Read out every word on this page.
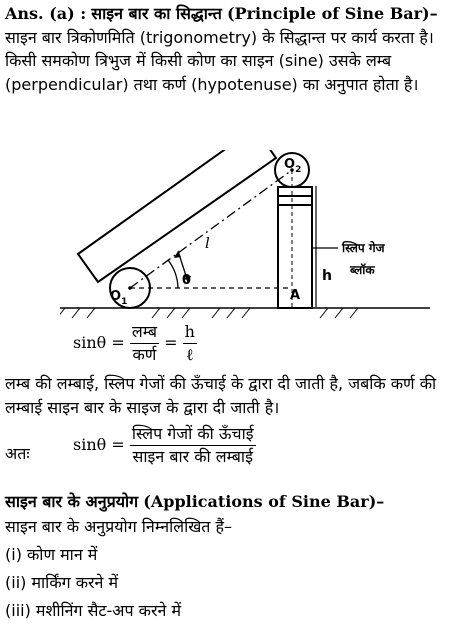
Ans. (a) : साइन बार का सिद्धान्त (Principle of Sine Bar)– साइन बार त्रिकोणमिति (trigonometry) के सिद्धान्त पर कार्य करता है। किसी समकोण त्रिभुज में किसी कोण का साइन (sine) उसके लम्ब (perpendicular) तथा कर्ण (hypotenuse) का अनुपात होता है।
$O_1$
$O_2$
l
θ	h
A
स्लिप गेज
ब्लॉक
$\sin\theta = \frac{\text{लम्ब}}{\text{कर्ण}} = \frac{h}{\text{ℓ}}$
लम्ब की लम्बाई, स्लिप गेजों की ऊँचाई के द्वारा दी जाती है, जबकि कर्ण की लम्बाई साइन बार के साइज के द्वारा दी जाती है।
अतः	$\sin\theta = \frac{\text{स्लिप गेजों की ऊँचाई}}{\text{साइन बार की लम्बाई}}$
साइन बार के अनुप्रयोग (Applications of Sine Bar)–
साइन बार के अनुप्रयोग निम्नलिखित हैं–
(i) कोण मान में
(ii) मार्किंग करने में
(iii) मशीनिंग सैट-अप करने में
